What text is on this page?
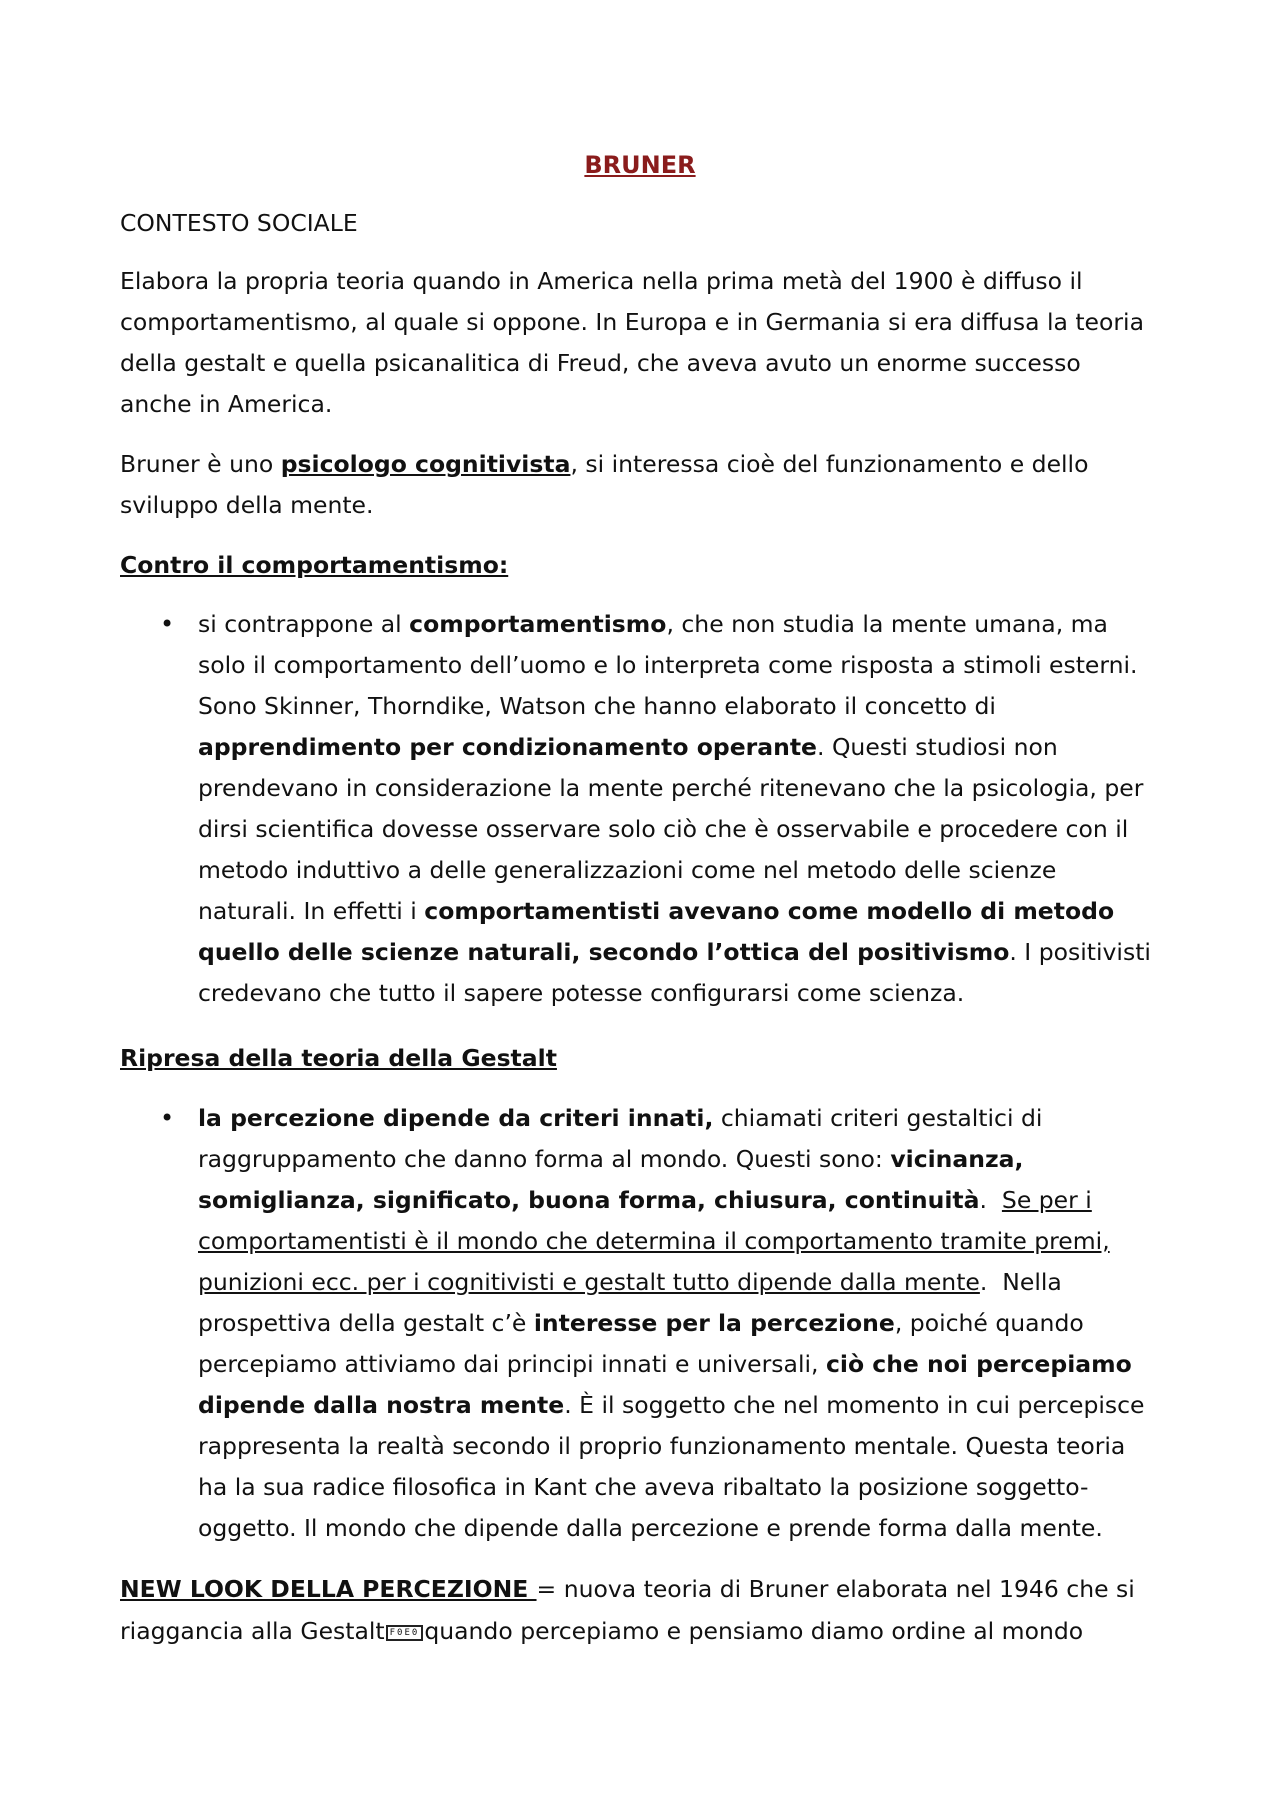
BRUNER
CONTESTO SOCIALE
Elabora la propria teoria quando in America nella prima metà del 1900 è diffuso il
comportamentismo, al quale si oppone. In Europa e in Germania si era diffusa la teoria
della gestalt e quella psicanalitica di Freud, che aveva avuto un enorme successo
anche in America.
Bruner è uno psicologo cognitivista, si interessa cioè del funzionamento e dello
sviluppo della mente.
Contro il comportamentismo:
• si contrappone al comportamentismo, che non studia la mente umana, ma
solo il comportamento dell’uomo e lo interpreta come risposta a stimoli esterni.
Sono Skinner, Thorndike, Watson che hanno elaborato il concetto di
apprendimento per condizionamento operante. Questi studiosi non
prendevano in considerazione la mente perché ritenevano che la psicologia, per
dirsi scientifica dovesse osservare solo ciò che è osservabile e procedere con il
metodo induttivo a delle generalizzazioni come nel metodo delle scienze
naturali. In effetti i comportamentisti avevano come modello di metodo
quello delle scienze naturali, secondo l’ottica del positivismo. I positivisti
credevano che tutto il sapere potesse configurarsi come scienza.
Ripresa della teoria della Gestalt
• la percezione dipende da criteri innati, chiamati criteri gestaltici di
raggruppamento che danno forma al mondo. Questi sono: vicinanza,
somiglianza, significato, buona forma, chiusura, continuità.  Se per i
comportamentisti è il mondo che determina il comportamento tramite premi,
punizioni ecc. per i cognitivisti e gestalt tutto dipende dalla mente.  Nella
prospettiva della gestalt c’è interesse per la percezione, poiché quando
percepiamo attiviamo dai principi innati e universali, ciò che noi percepiamo
dipende dalla nostra mente. È il soggetto che nel momento in cui percepisce
rappresenta la realtà secondo il proprio funzionamento mentale. Questa teoria
ha la sua radice filosofica in Kant che aveva ribaltato la posizione soggetto-
oggetto. Il mondo che dipende dalla percezione e prende forma dalla mente.
NEW LOOK DELLA PERCEZIONE = nuova teoria di Bruner elaborata nel 1946 che si
riaggancia alla Gestalt F0E0 quando percepiamo e pensiamo diamo ordine al mondo
